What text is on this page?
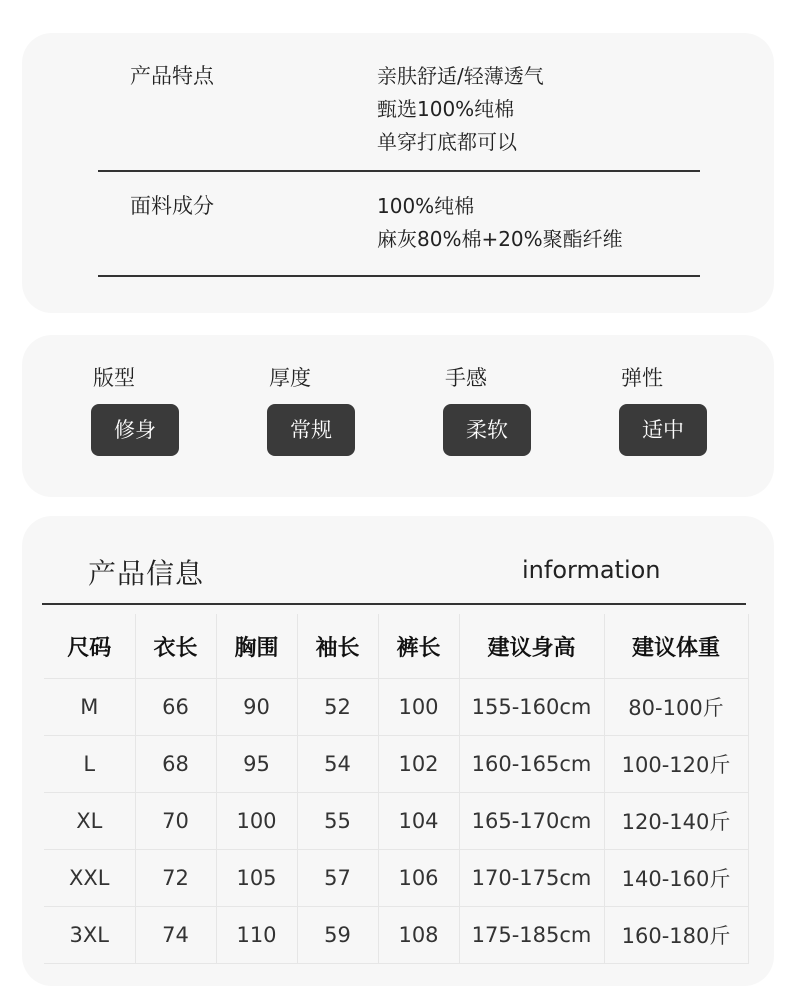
产品特点	亲肤舒适/轻薄透气
甄选100%纯棉
单穿打底都可以
面料成分	100%纯棉
麻灰80%棉+20%聚酯纤维
版型
修身
厚度
常规
手感
柔软
弹性
适中
产品信息	information
尺码	衣长	胸围	袖长	裤长	建议身高	建议体重
M	66	90	52	100	155-160cm	80-100斤
L	68	95	54	102	160-165cm	100-120斤
XL	70	100	55	104	165-170cm	120-140斤
XXL	72	105	57	106	170-175cm	140-160斤
3XL	74	110	59	108	175-185cm	160-180斤
